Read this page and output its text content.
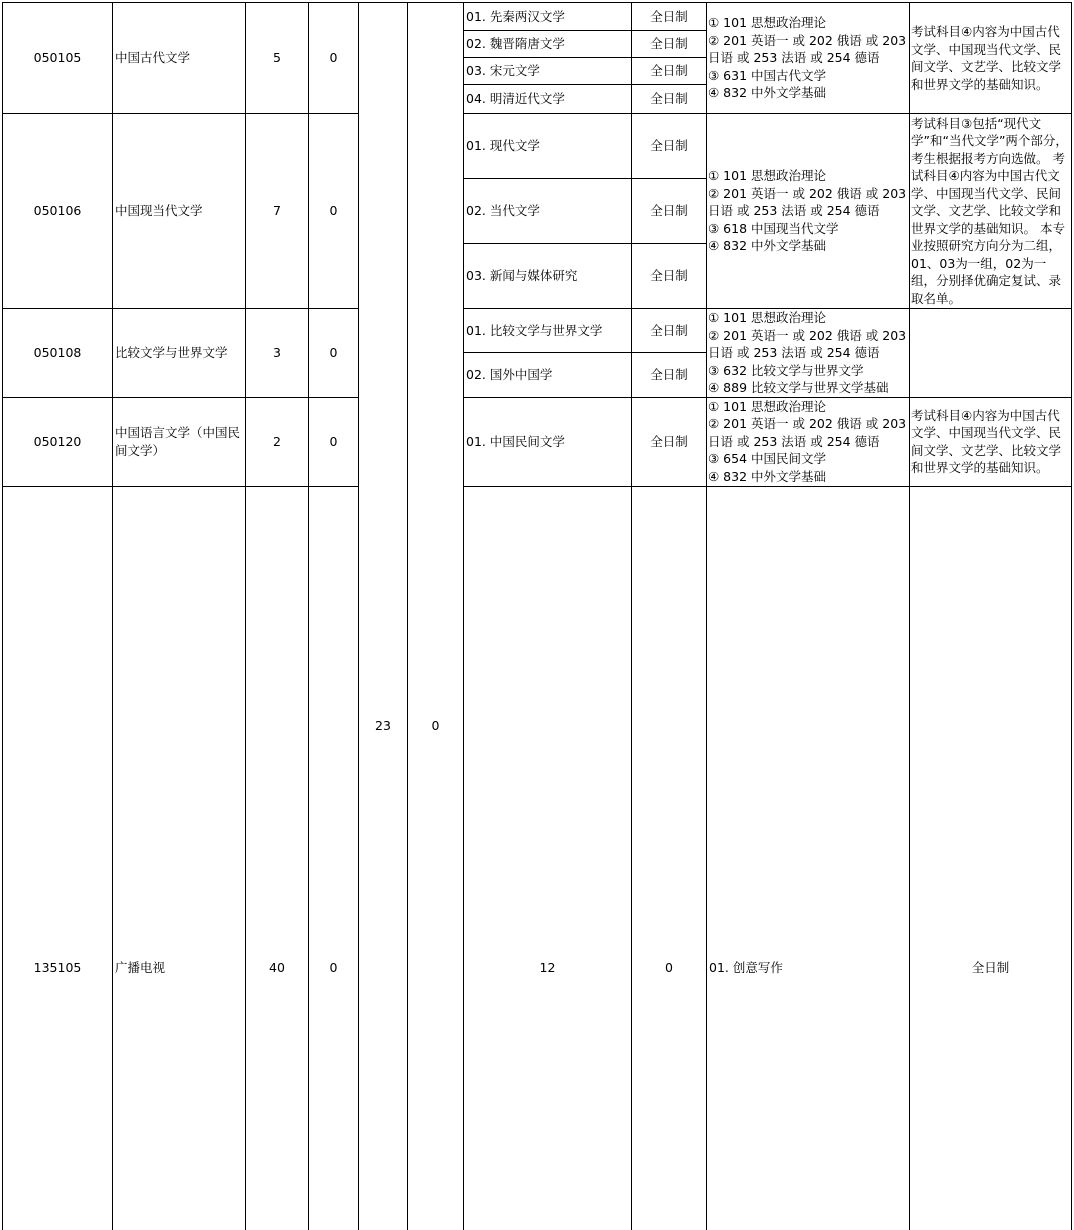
050105	中国古代文学	5	0	23	0	01. 先秦两汉文学	全日制	① 101 思想政治理论
② 201 英语一 或 202 俄语 或 203
日语 或 253 法语 或 254 德语
③ 631 中国古代文学
④ 832 中外文学基础	考试科目④内容为中国古代文学、中国现当代文学、民间文学、文艺学、比较文学和世界文学的基础知识。	
						02. 魏晋隋唐文学	全日制			
						03. 宋元文学	全日制			
						04. 明清近代文学	全日制			
050106	中国现当代文学	7	0			01. 现代文学	全日制	① 101 思想政治理论
② 201 英语一 或 202 俄语 或 203
日语 或 253 法语 或 254 德语
③ 618 中国现当代文学
④ 832 中外文学基础	考试科目③包括“现代文学”和“当代文学”两个部分，考生根据报考方向选做。 考试科目④内容为中国古代文学、中国现当代文学、民间文学、文艺学、比较文学和世界文学的基础知识。 本专业按照研究方向分为二组，01、03为一组，02为一组，分别择优确定复试、录取名单。	
						02. 当代文学	全日制			
						03. 新闻与媒体研究	全日制			
050108	比较文学与世界文学	3	0			01. 比较文学与世界文学	全日制	① 101 思想政治理论
② 201 英语一 或 202 俄语 或 203
日语 或 253 法语 或 254 德语
③ 632 比较文学与世界文学
④ 889 比较文学与世界文学基础		

						02. 国外中国学	全日制			
050120	中国语言文学（中国民间文学）	2	0			01. 中国民间文学	全日制	① 101 思想政治理论
② 201 英语一 或 202 俄语 或 203
日语 或 253 法语 或 254 德语
③ 654 中国民间文学
④ 832 中外文学基础	考试科目④内容为中国古代文学、中国现当代文学、民间文学、文艺学、比较文学和世界文学的基础知识。	
135105	广播电视	40	0			12	0	01. 创意写作	全日制	
